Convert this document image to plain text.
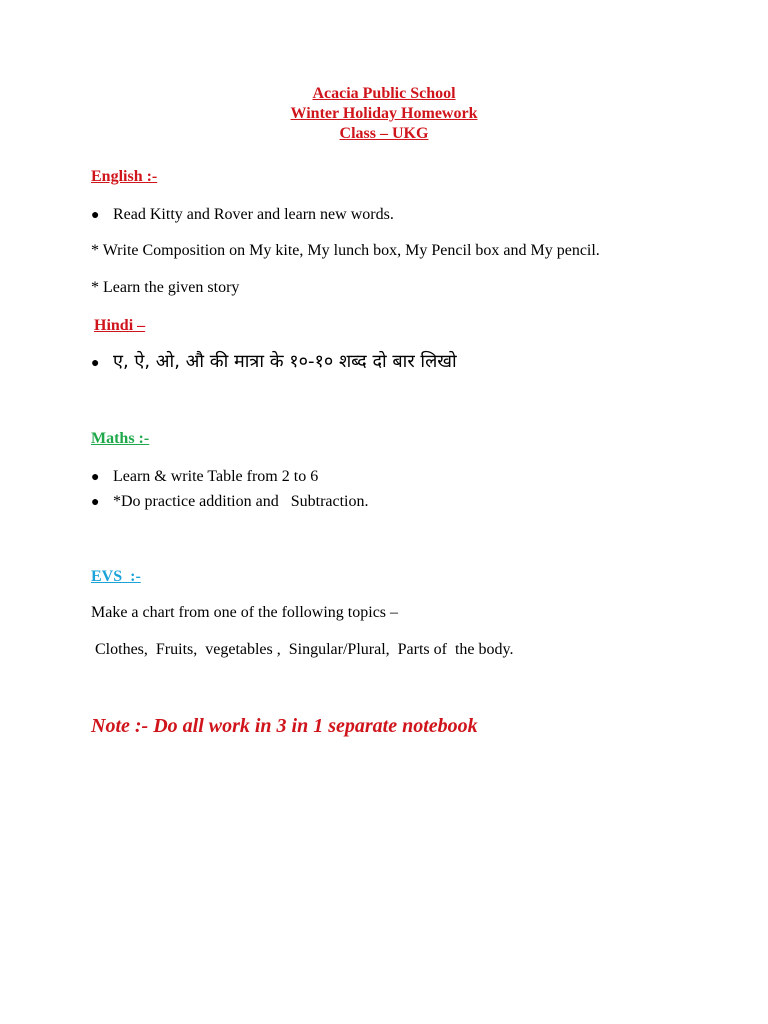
Acacia Public School
Winter Holiday Homework
Class – UKG
English :-
● Read Kitty and Rover and learn new words.
* Write Composition on My kite, My lunch box, My Pencil box and My pencil.
* Learn the given story
Hindi –
● ए, ऐ, ओ, औ की मात्रा के १०-१० शब्द दो बार लिखो
Maths :-
● Learn & write Table from 2 to 6
● *Do practice addition and   Subtraction.
EVS  :-
Make a chart from one of the following topics –
Clothes,  Fruits,  vegetables ,  Singular/Plural,  Parts of  the body.
Note :- Do all work in 3 in 1 separate notebook
